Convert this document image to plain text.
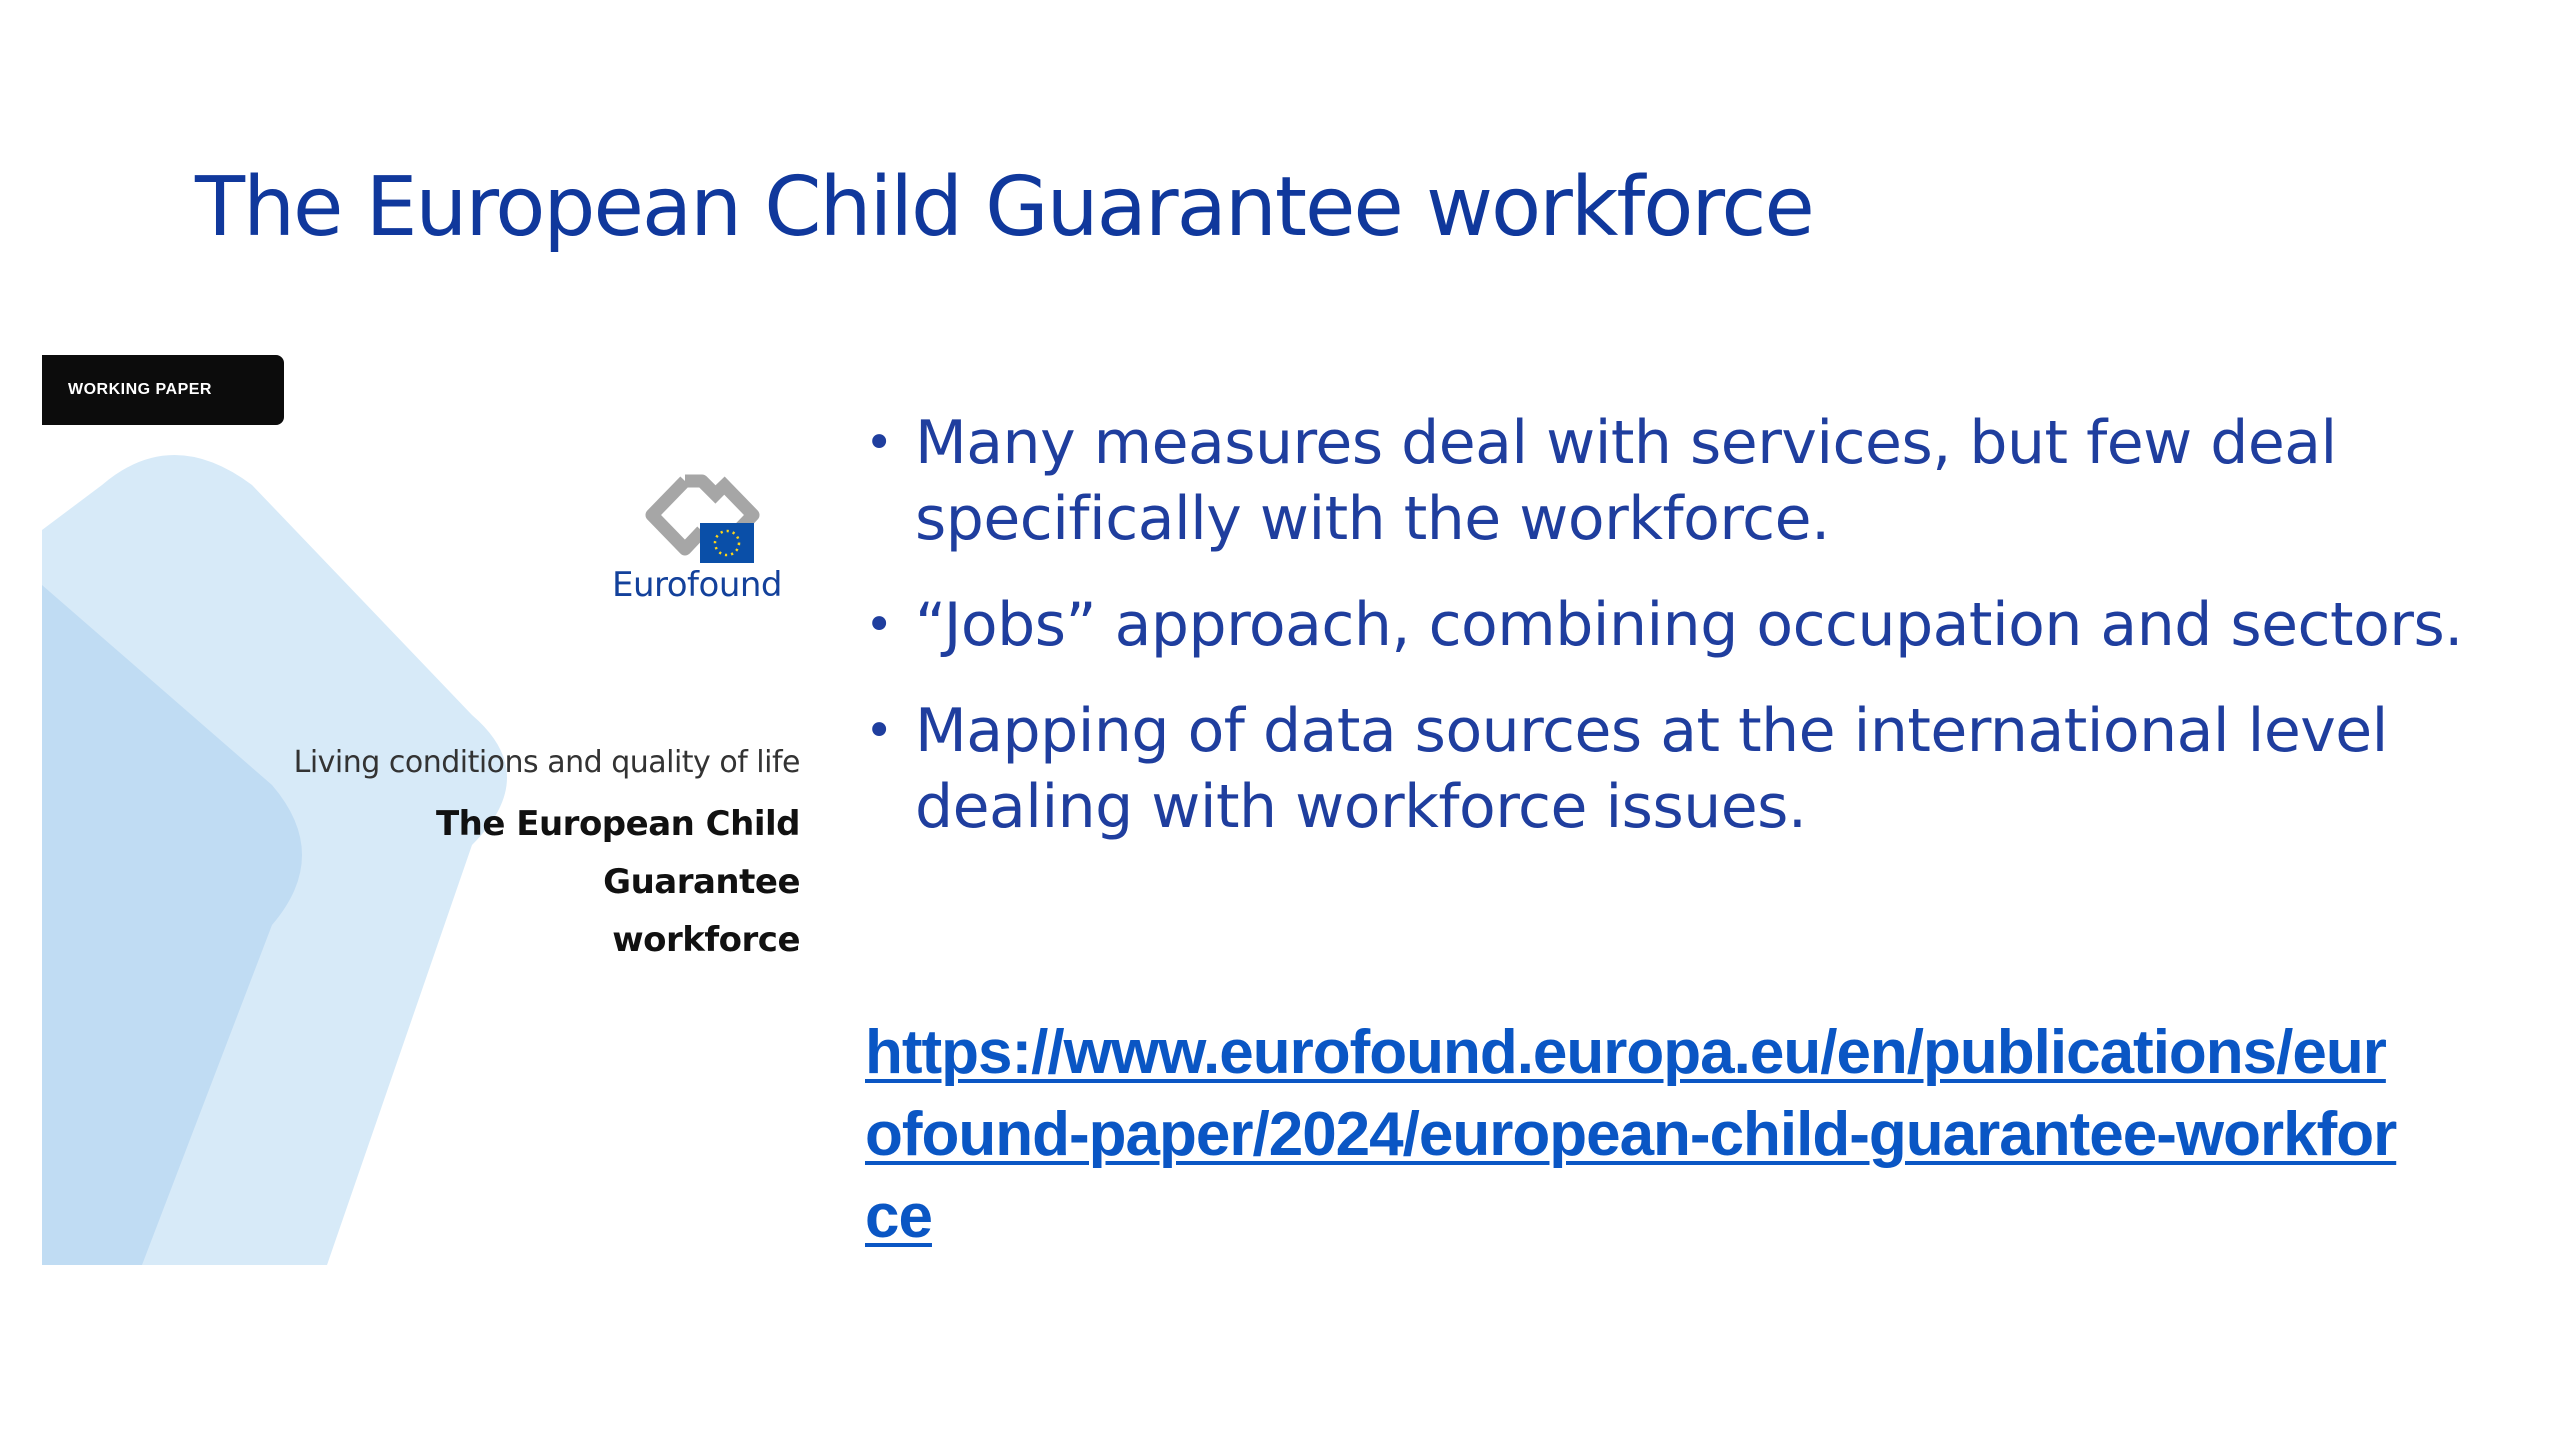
The European Child Guarantee workforce
WORKING PAPER
Eurofound
Living conditions and quality of life
The European Child Guarantee
workforce
• Many measures deal with services, but few deal specifically with the workforce.
• “Jobs” approach, combining occupation and sectors.
• Mapping of data sources at the international level dealing with workforce issues.
https://www.eurofound.europa.eu/en/publications/eurofound-paper/2024/european-child-guarantee-workforce
